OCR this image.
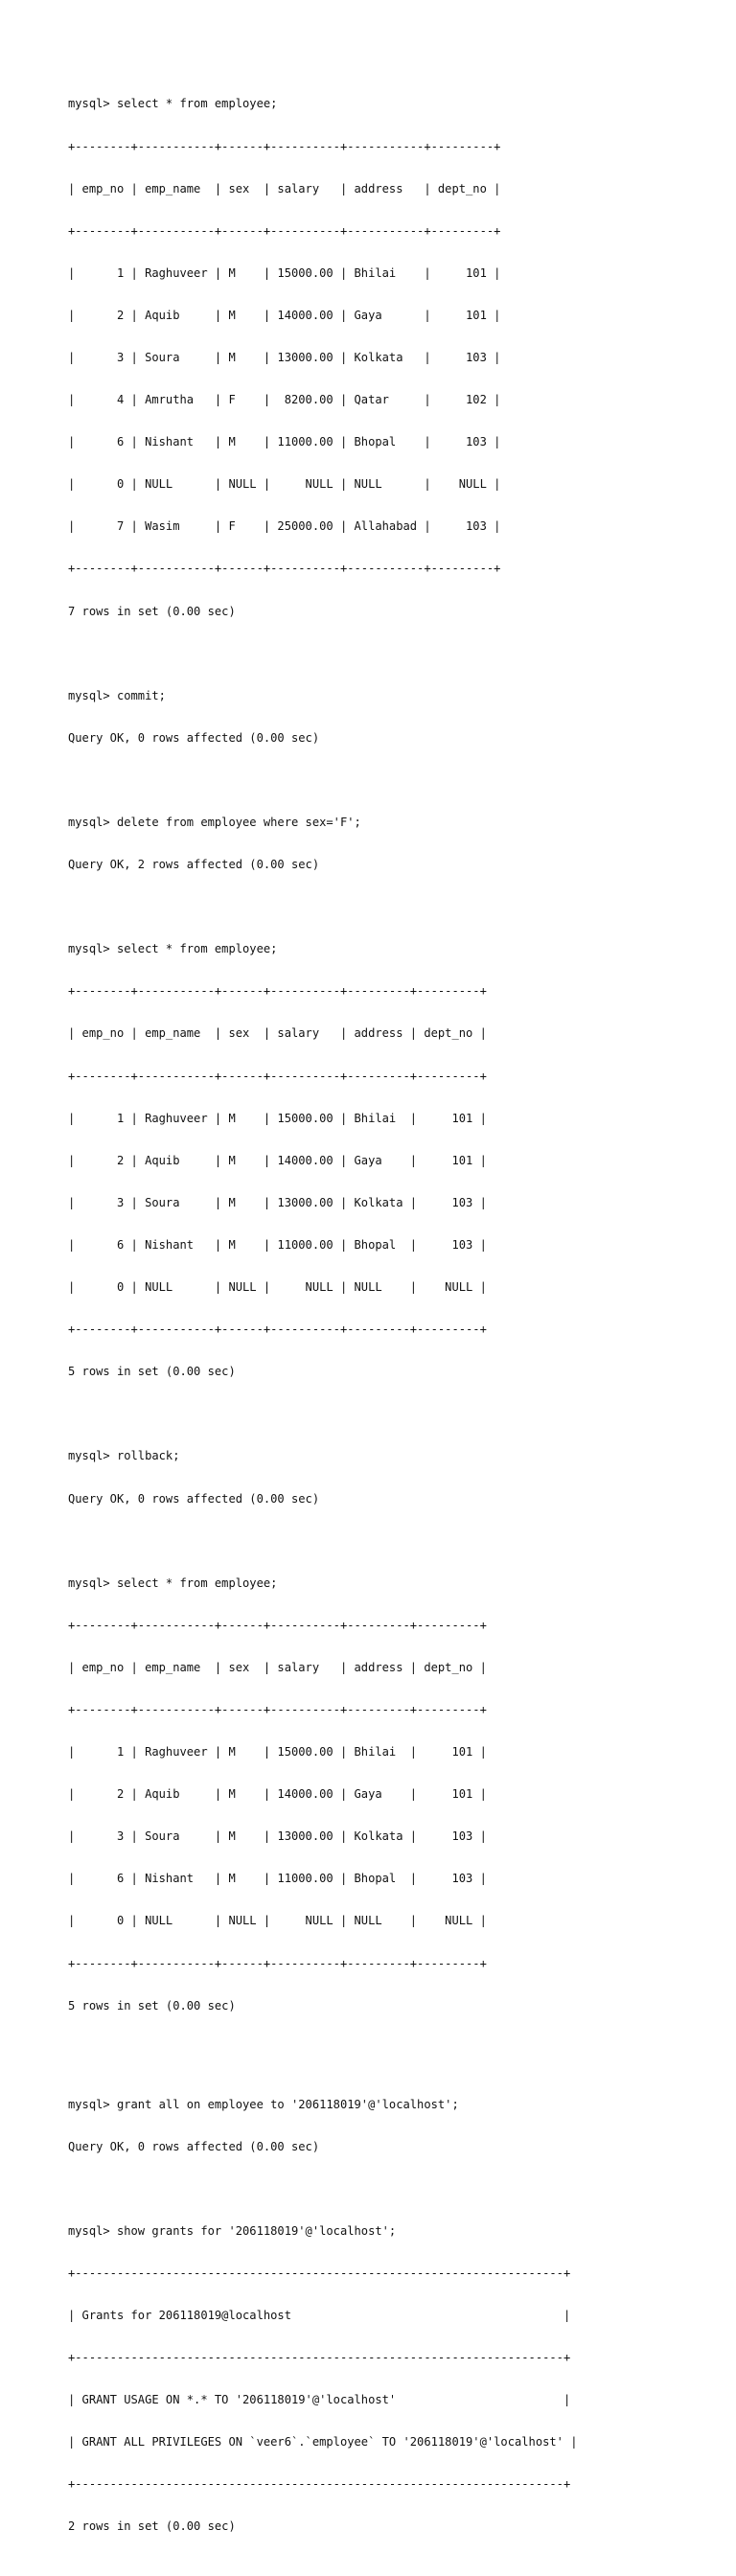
mysql> select * from employee;

+--------+-----------+------+----------+-----------+---------+

| emp_no | emp_name  | sex  | salary   | address   | dept_no |

+--------+-----------+------+----------+-----------+---------+

|      1 | Raghuveer | M    | 15000.00 | Bhilai    |     101 |

|      2 | Aquib     | M    | 14000.00 | Gaya      |     101 |

|      3 | Soura     | M    | 13000.00 | Kolkata   |     103 |

|      4 | Amrutha   | F    |  8200.00 | Qatar     |     102 |

|      6 | Nishant   | M    | 11000.00 | Bhopal    |     103 |

|      0 | NULL      | NULL |     NULL | NULL      |    NULL |

|      7 | Wasim     | F    | 25000.00 | Allahabad |     103 |

+--------+-----------+------+----------+-----------+---------+

7 rows in set (0.00 sec)

mysql> commit;

Query OK, 0 rows affected (0.00 sec)

mysql> delete from employee where sex='F';

Query OK, 2 rows affected (0.00 sec)

mysql> select * from employee;

+--------+-----------+------+----------+---------+---------+

| emp_no | emp_name  | sex  | salary   | address | dept_no |

+--------+-----------+------+----------+---------+---------+

|      1 | Raghuveer | M    | 15000.00 | Bhilai  |     101 |

|      2 | Aquib     | M    | 14000.00 | Gaya    |     101 |

|      3 | Soura     | M    | 13000.00 | Kolkata |     103 |

|      6 | Nishant   | M    | 11000.00 | Bhopal  |     103 |

|      0 | NULL      | NULL |     NULL | NULL    |    NULL |

+--------+-----------+------+----------+---------+---------+

5 rows in set (0.00 sec)

mysql> rollback;

Query OK, 0 rows affected (0.00 sec)

mysql> select * from employee;

+--------+-----------+------+----------+---------+---------+

| emp_no | emp_name  | sex  | salary   | address | dept_no |

+--------+-----------+------+----------+---------+---------+

|      1 | Raghuveer | M    | 15000.00 | Bhilai  |     101 |

|      2 | Aquib     | M    | 14000.00 | Gaya    |     101 |

|      3 | Soura     | M    | 13000.00 | Kolkata |     103 |

|      6 | Nishant   | M    | 11000.00 | Bhopal  |     103 |

|      0 | NULL      | NULL |     NULL | NULL    |    NULL |

+--------+-----------+------+----------+---------+---------+

5 rows in set (0.00 sec)

mysql> grant all on employee to '206118019'@'localhost';

Query OK, 0 rows affected (0.00 sec)

mysql> show grants for '206118019'@'localhost';

+----------------------------------------------------------------------+

| Grants for 206118019@localhost                                       |

+----------------------------------------------------------------------+

| GRANT USAGE ON *.* TO '206118019'@'localhost'                        |

| GRANT ALL PRIVILEGES ON `veer6`.`employee` TO '206118019'@'localhost' |

+----------------------------------------------------------------------+

2 rows in set (0.00 sec)
